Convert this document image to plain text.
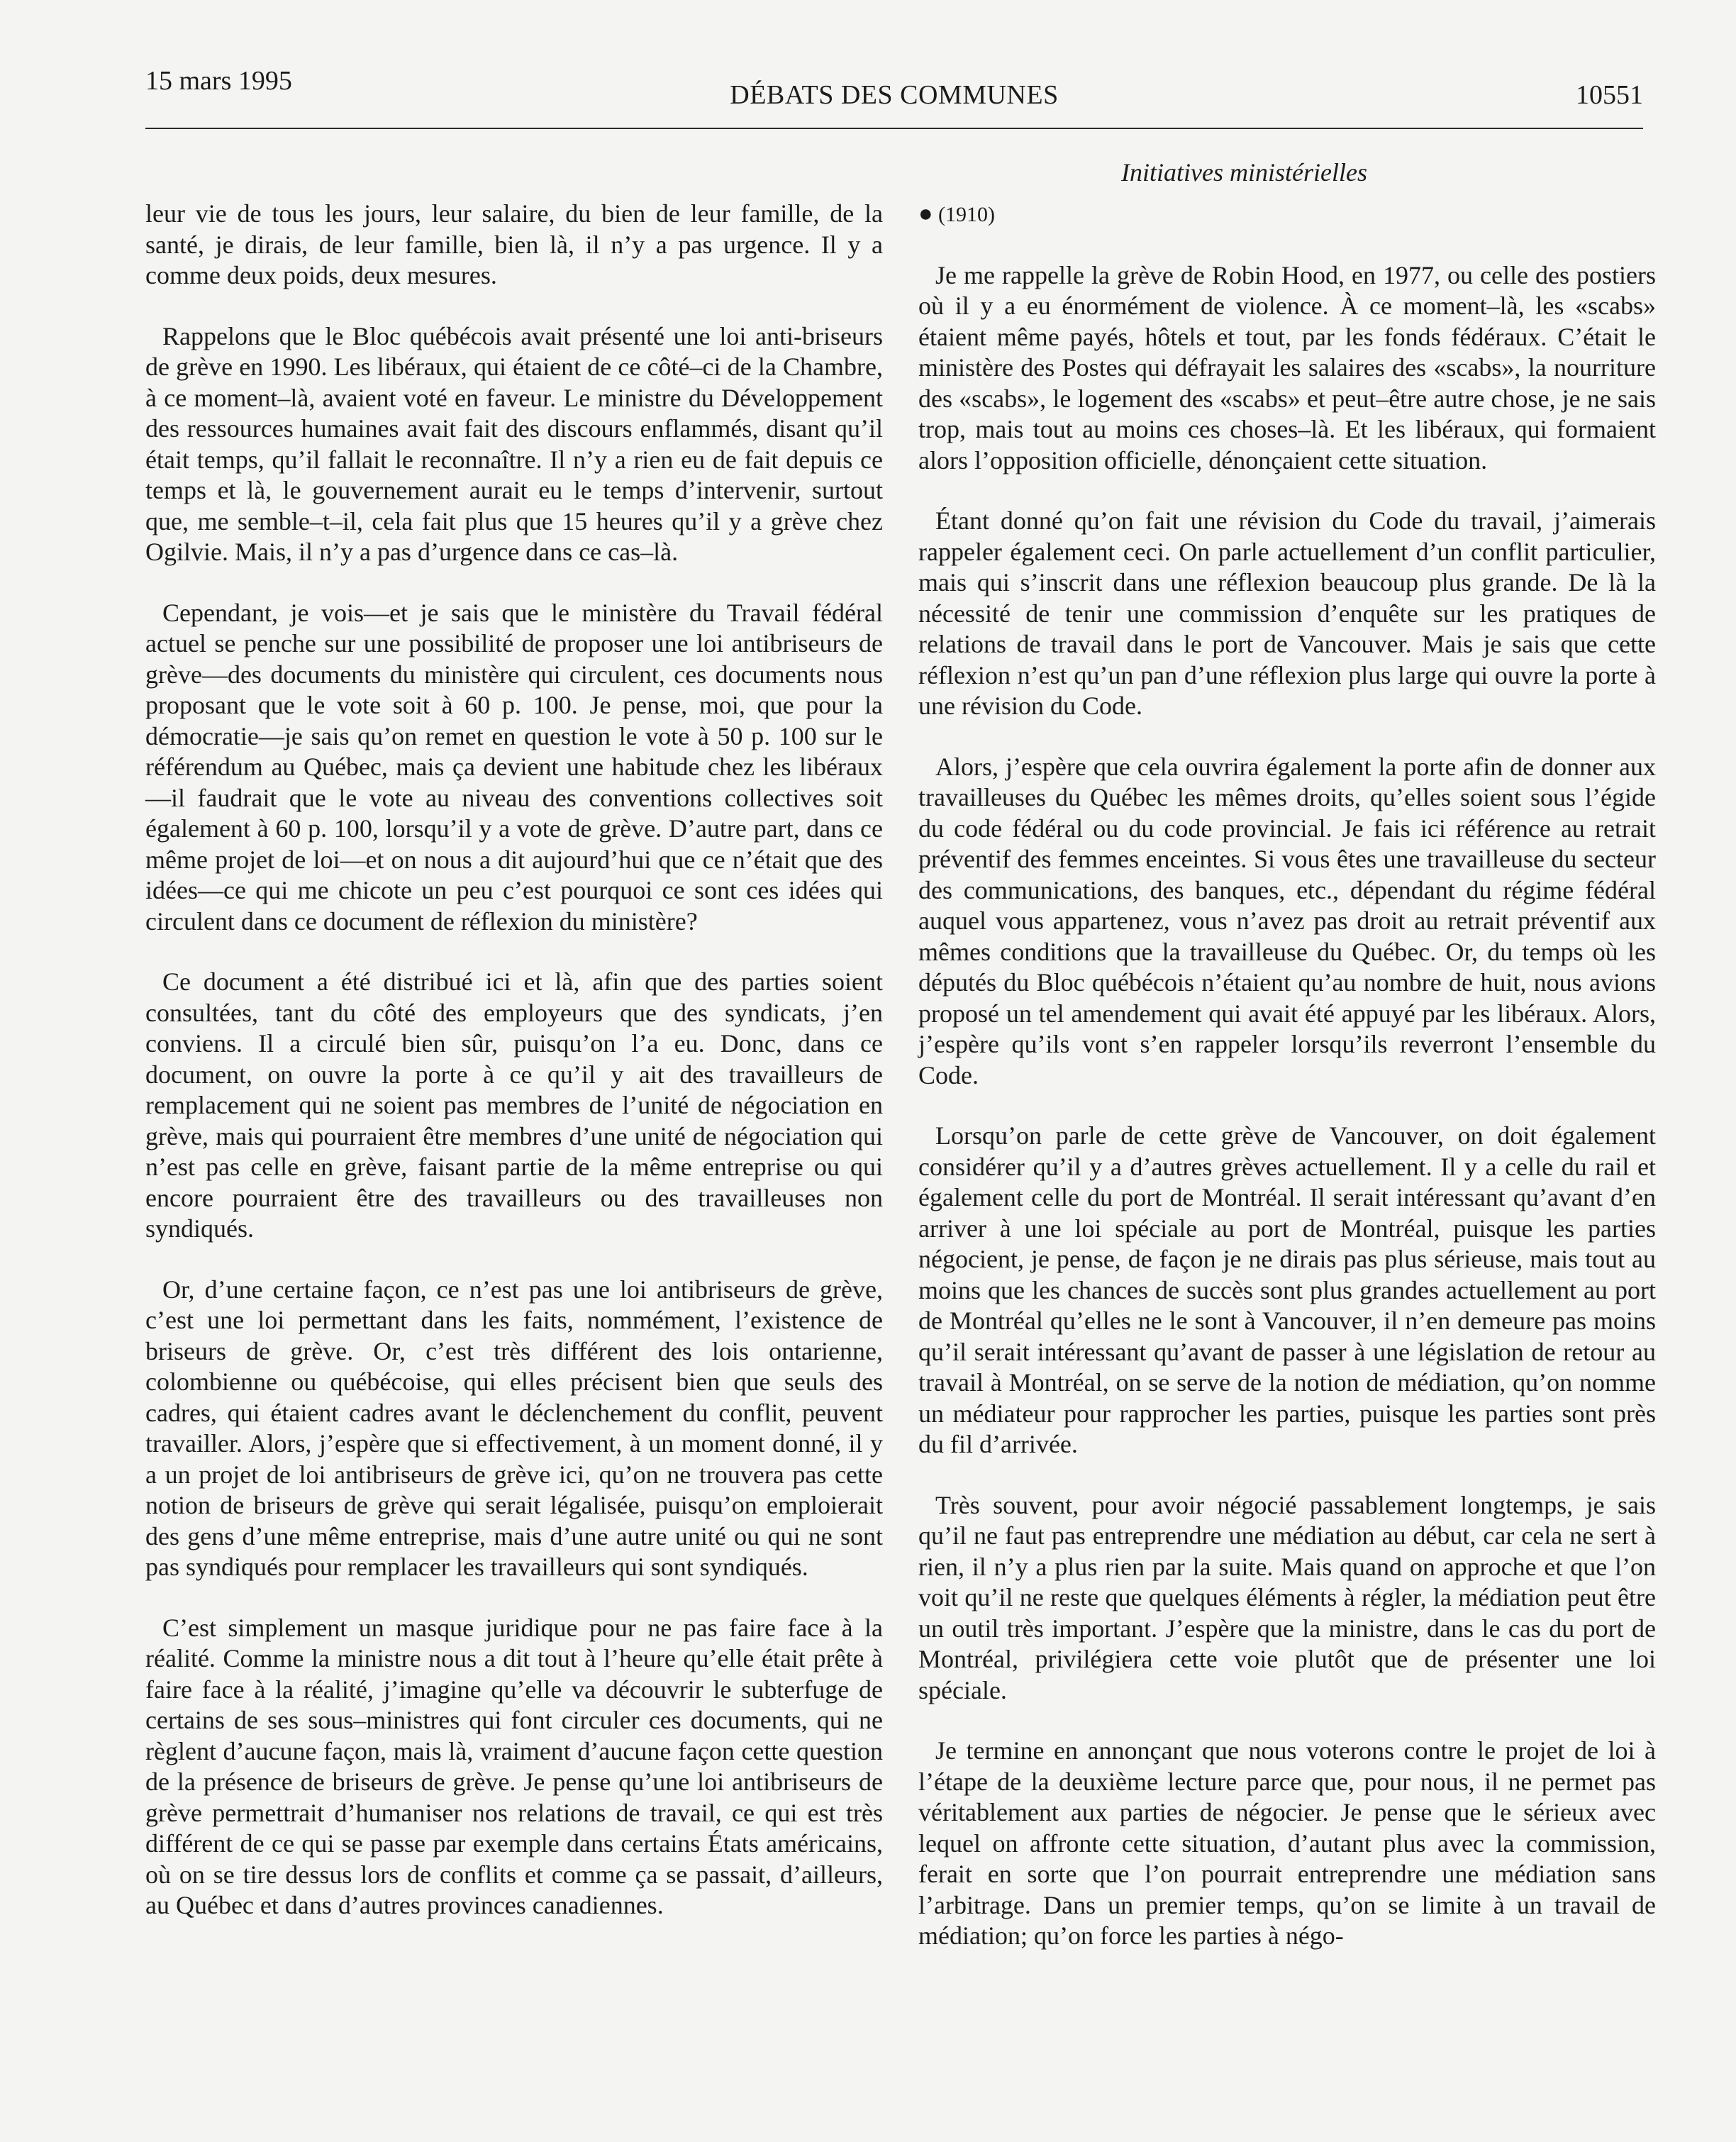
15 mars 1995	DÉBATS DES COMMUNES	10551
Initiatives ministérielles

leur vie de tous les jours, leur salaire, du bien de leur famille, de la santé, je dirais, de leur famille, bien là, il n’y a pas urgence. Il y a comme deux poids, deux mesures.

Rappelons que le Bloc québécois avait présenté une loi anti-briseurs de grève en 1990. Les libéraux, qui étaient de ce côté–ci de la Chambre, à ce moment–là, avaient voté en faveur. Le ministre du Développement des ressources humaines avait fait des discours enflammés, disant qu’il était temps, qu’il fallait le reconnaître. Il n’y a rien eu de fait depuis ce temps et là, le gouvernement aurait eu le temps d’intervenir, surtout que, me semble–t–il, cela fait plus que 15 heures qu’il y a grève chez Ogilvie. Mais, il n’y a pas d’urgence dans ce cas–là.

Cependant, je vois—et je sais que le ministère du Travail fédéral actuel se penche sur une possibilité de proposer une loi antibriseurs de grève—des documents du ministère qui circulent, ces documents nous proposant que le vote soit à 60 p. 100. Je pense, moi, que pour la démocratie—je sais qu’on remet en question le vote à 50 p. 100 sur le référendum au Québec, mais ça devient une habitude chez les libéraux—il faudrait que le vote au niveau des conventions collectives soit également à 60 p. 100, lorsqu’il y a vote de grève. D’autre part, dans ce même projet de loi—et on nous a dit aujourd’hui que ce n’était que des idées—ce qui me chicote un peu c’est pourquoi ce sont ces idées qui circulent dans ce document de réflexion du ministère?

Ce document a été distribué ici et là, afin que des parties soient consultées, tant du côté des employeurs que des syndicats, j’en conviens. Il a circulé bien sûr, puisqu’on l’a eu. Donc, dans ce document, on ouvre la porte à ce qu’il y ait des travailleurs de remplacement qui ne soient pas membres de l’unité de négociation en grève, mais qui pourraient être membres d’une unité de négociation qui n’est pas celle en grève, faisant partie de la même entreprise ou qui encore pourraient être des travailleurs ou des travailleuses non syndiqués.

Or, d’une certaine façon, ce n’est pas une loi antibriseurs de grève, c’est une loi permettant dans les faits, nommément, l’existence de briseurs de grève. Or, c’est très différent des lois ontarienne, colombienne ou québécoise, qui elles précisent bien que seuls des cadres, qui étaient cadres avant le déclenchement du conflit, peuvent travailler. Alors, j’espère que si effectivement, à un moment donné, il y a un projet de loi antibriseurs de grève ici, qu’on ne trouvera pas cette notion de briseurs de grève qui serait légalisée, puisqu’on emploierait des gens d’une même entreprise, mais d’une autre unité ou qui ne sont pas syndiqués pour remplacer les travailleurs qui sont syndiqués.

C’est simplement un masque juridique pour ne pas faire face à la réalité. Comme la ministre nous a dit tout à l’heure qu’elle était prête à faire face à la réalité, j’imagine qu’elle va découvrir le subterfuge de certains de ses sous–ministres qui font circuler ces documents, qui ne règlent d’aucune façon, mais là, vraiment d’aucune façon cette question de la présence de briseurs de grève. Je pense qu’une loi antibriseurs de grève permettrait d’humaniser nos relations de travail, ce qui est très différent de ce qui se passe par exemple dans certains États américains, où on se tire dessus lors de conflits et comme ça se passait, d’ailleurs, au Québec et dans d’autres provinces canadiennes.

● (1910)

Je me rappelle la grève de Robin Hood, en 1977, ou celle des postiers où il y a eu énormément de violence. À ce moment–là, les «scabs» étaient même payés, hôtels et tout, par les fonds fédéraux. C’était le ministère des Postes qui défrayait les salaires des «scabs», la nourriture des «scabs», le logement des «scabs» et peut–être autre chose, je ne sais trop, mais tout au moins ces choses–là. Et les libéraux, qui formaient alors l’opposition officielle, dénonçaient cette situation.

Étant donné qu’on fait une révision du Code du travail, j’aimerais rappeler également ceci. On parle actuellement d’un conflit particulier, mais qui s’inscrit dans une réflexion beaucoup plus grande. De là la nécessité de tenir une commission d’enquête sur les pratiques de relations de travail dans le port de Vancouver. Mais je sais que cette réflexion n’est qu’un pan d’une réflexion plus large qui ouvre la porte à une révision du Code.

Alors, j’espère que cela ouvrira également la porte afin de donner aux travailleuses du Québec les mêmes droits, qu’elles soient sous l’égide du code fédéral ou du code provincial. Je fais ici référence au retrait préventif des femmes enceintes. Si vous êtes une travailleuse du secteur des communications, des banques, etc., dépendant du régime fédéral auquel vous appartenez, vous n’avez pas droit au retrait préventif aux mêmes conditions que la travailleuse du Québec. Or, du temps où les députés du Bloc québécois n’étaient qu’au nombre de huit, nous avions proposé un tel amendement qui avait été appuyé par les libéraux. Alors, j’espère qu’ils vont s’en rappeler lorsqu’ils reverront l’ensemble du Code.

Lorsqu’on parle de cette grève de Vancouver, on doit également considérer qu’il y a d’autres grèves actuellement. Il y a celle du rail et également celle du port de Montréal. Il serait intéressant qu’avant d’en arriver à une loi spéciale au port de Montréal, puisque les parties négocient, je pense, de façon je ne dirais pas plus sérieuse, mais tout au moins que les chances de succès sont plus grandes actuellement au port de Montréal qu’elles ne le sont à Vancouver, il n’en demeure pas moins qu’il serait intéressant qu’avant de passer à une législation de retour au travail à Montréal, on se serve de la notion de médiation, qu’on nomme un médiateur pour rapprocher les parties, puisque les parties sont près du fil d’arrivée.

Très souvent, pour avoir négocié passablement longtemps, je sais qu’il ne faut pas entreprendre une médiation au début, car cela ne sert à rien, il n’y a plus rien par la suite. Mais quand on approche et que l’on voit qu’il ne reste que quelques éléments à régler, la médiation peut être un outil très important. J’espère que la ministre, dans le cas du port de Montréal, privilégiera cette voie plutôt que de présenter une loi spéciale.

Je termine en annonçant que nous voterons contre le projet de loi à l’étape de la deuxième lecture parce que, pour nous, il ne permet pas véritablement aux parties de négocier. Je pense que le sérieux avec lequel on affronte cette situation, d’autant plus avec la commission, ferait en sorte que l’on pourrait entreprendre une médiation sans l’arbitrage. Dans un premier temps, qu’on se limite à un travail de médiation; qu’on force les parties à négo-
